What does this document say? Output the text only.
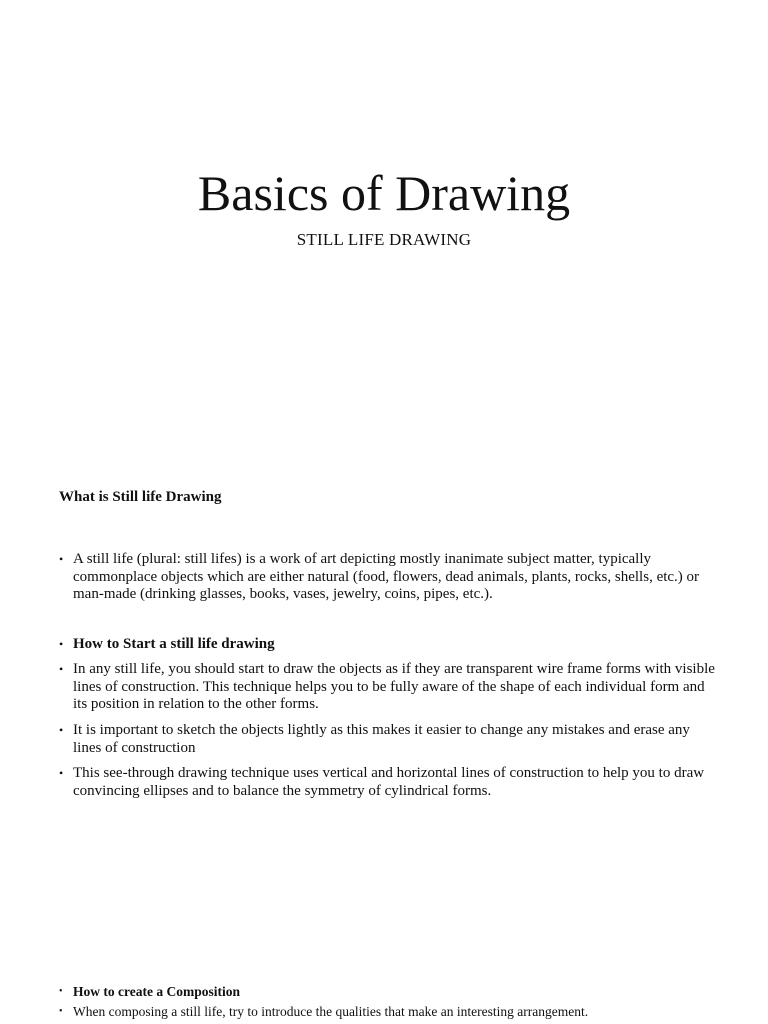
Basics of Drawing
STILL LIFE DRAWING
What is Still life Drawing
• A still life (plural: still lifes) is a work of art depicting mostly inanimate subject matter, typically commonplace objects which are either natural (food, flowers, dead animals, plants, rocks, shells, etc.) or man-made (drinking glasses, books, vases, jewelry, coins, pipes, etc.).
• How to Start a still life drawing
• In any still life, you should start to draw the objects as if they are transparent wire frame forms with visible lines of construction. This technique helps you to be fully aware of the shape of each individual form and its position in relation to the other forms.
• It is important to sketch the objects lightly as this makes it easier to change any mistakes and erase any lines of construction
• This see-through drawing technique uses vertical and horizontal lines of construction to help you to draw convincing ellipses and to balance the symmetry of cylindrical forms.
• How to create a Composition
• When composing a still life, try to introduce the qualities that make an interesting arrangement.
